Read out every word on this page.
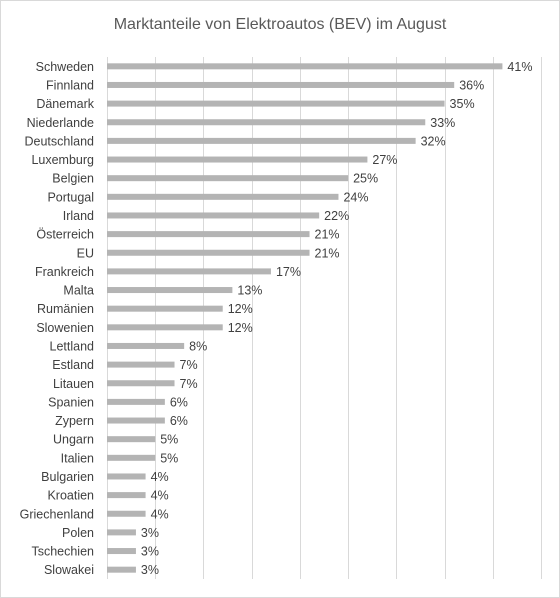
Marktanteile von Elektroautos (BEV) im August
Schweden
Finnland
Dänemark
Niederlande
Deutschland
Luxemburg
Belgien
Portugal
Irland
Österreich
EU
Frankreich
Malta
Rumänien
Slowenien
Lettland
Estland
Litauen
Spanien
Zypern
Ungarn
Italien
Bulgarien
Kroatien
Griechenland
Polen
Tschechien
Slowakei
41%
36%
35%
33%
32%
27%
25%
24%
22%
21%
21%
17%
13%
12%
12%
8%
7%
7%
6%
6%
5%
5%
4%
4%
4%
3%
3%
3%
